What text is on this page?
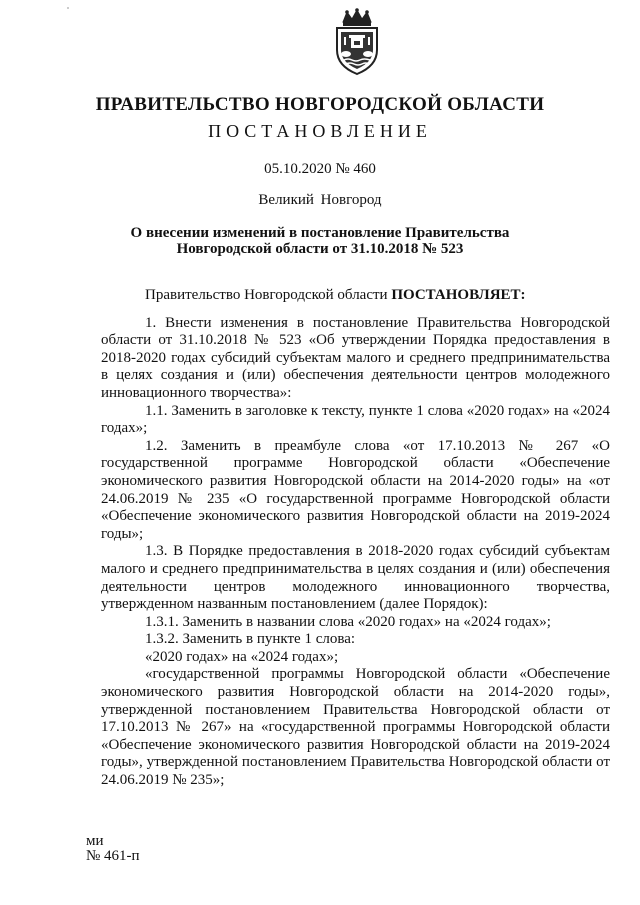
ПРАВИТЕЛЬСТВО НОВГОРОДСКОЙ ОБЛАСТИ
ПОСТАНОВЛЕНИЕ
05.10.2020 № 460
Великий Новгород
О внесении изменений в постановление Правительства
Новгородской области от 31.10.2018 № 523

Правительство Новгородской области ПОСТАНОВЛЯЕТ:

1. Внести изменения в постановление Правительства Новгородской области от 31.10.2018 № 523 «Об утверждении Порядка предоставления в 2018-2020 годах субсидий субъектам малого и среднего предпринимательства в целях создания и (или) обеспечения деятельности центров молодежного инновационного творчества»:

1.1. Заменить в заголовке к тексту, пункте 1 слова «2020 годах» на «2024 годах»;

1.2. Заменить в преамбуле слова «от 17.10.2013 № 267 «О государственной программе Новгородской области «Обеспечение экономического развития Новгородской области на 2014-2020 годы» на «от 24.06.2019 № 235 «О государственной программе Новгородской области «Обеспечение экономического развития Новгородской области на 2019-2024 годы»;

1.3. В Порядке предоставления в 2018-2020 годах субсидий субъектам малого и среднего предпринимательства в целях создания и (или) обеспечения деятельности центров молодежного инновационного творчества, утвержденном названным постановлением (далее Порядок):

1.3.1. Заменить в названии слова «2020 годах» на «2024 годах»;

1.3.2. Заменить в пункте 1 слова:

«2020 годах» на «2024 годах»;

«государственной программы Новгородской области «Обеспечение экономического развития Новгородской области на 2014-2020 годы», утвержденной постановлением Правительства Новгородской области от 17.10.2013 № 267» на «государственной программы Новгородской области «Обеспечение экономического развития Новгородской области на 2019-2024 годы», утвержденной постановлением Правительства Новгородской области от 24.06.2019 № 235»;

ми
№ 461-п
